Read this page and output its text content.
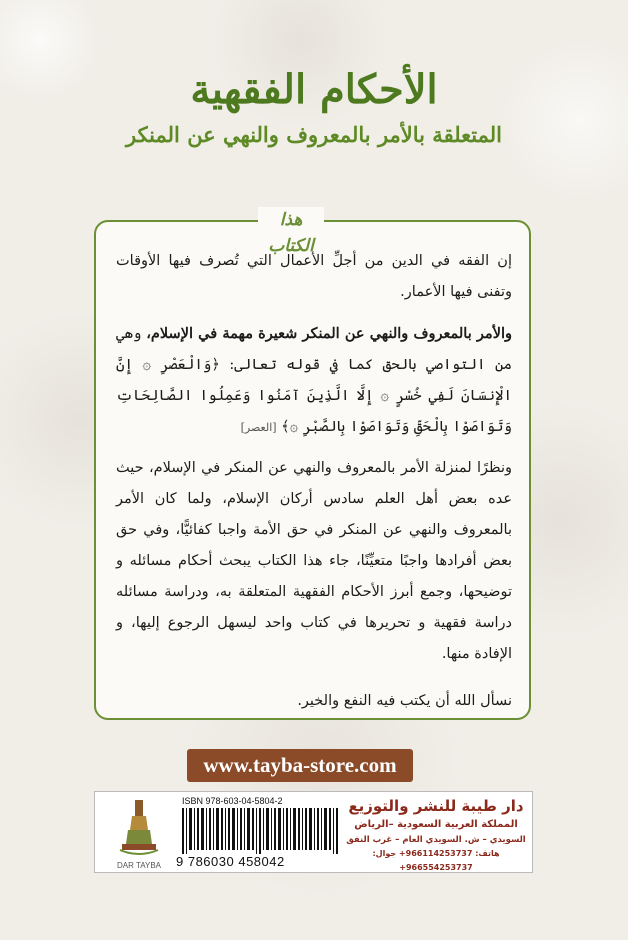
الأحكام الفقهية
المتعلقة بالأمر بالمعروف والنهي عن المنكر
هذا الكتاب

إن الفقه في الدين من أجلِّ الأعمال التي تُصرف فيها الأوقات وتفنى فيها الأعمار.

والأمر بالمعروف والنهي عن المنكر شعيرة مهمة في الإسلام، وهي من التواصي بالحق كما في قوله تعالى: ﴿وَالْعَصْرِ ۞ إِنَّ الْإِنسَانَ لَفِي خُسْرٍ ۞ إِلَّا الَّذِينَ آمَنُوا وَعَمِلُوا الصَّالِحَاتِ وَتَوَاصَوْا بِالْحَقِّ وَتَوَاصَوْا بِالصَّبْرِ ۞﴾ [العصر]

ونظرًا لمنزلة الأمر بالمعروف والنهي عن المنكر في الإسلام، حيث عده بعض أهل العلم سادس أركان الإسلام، ولما كان الأمر بالمعروف والنهي عن المنكر في حق الأمة واجبا كفائيًّا، وفي حق بعض أفرادها واجبًا متعيِّنًا، جاء هذا الكتاب يبحث أحكام مسائله و توضيحها، وجمع أبرز الأحكام الفقهية المتعلقة به، ودراسة مسائله دراسة فقهية و تحريرها في كتاب واحد ليسهل الرجوع إليها، و الإفادة منها.

نسأل الله أن يكتب فيه النفع والخير.

www.tayba-store.com
DAR TAYBA
ISBN 978-603-04-5804-2
9 786030 458042
دار طيبة للنشر والتوزيع
المملكة العربية السعودية –الرياض
السويدي – ش. السويدي العام – غرب النفق
هاتف: 966114253737+ جوال: 966554253737+
